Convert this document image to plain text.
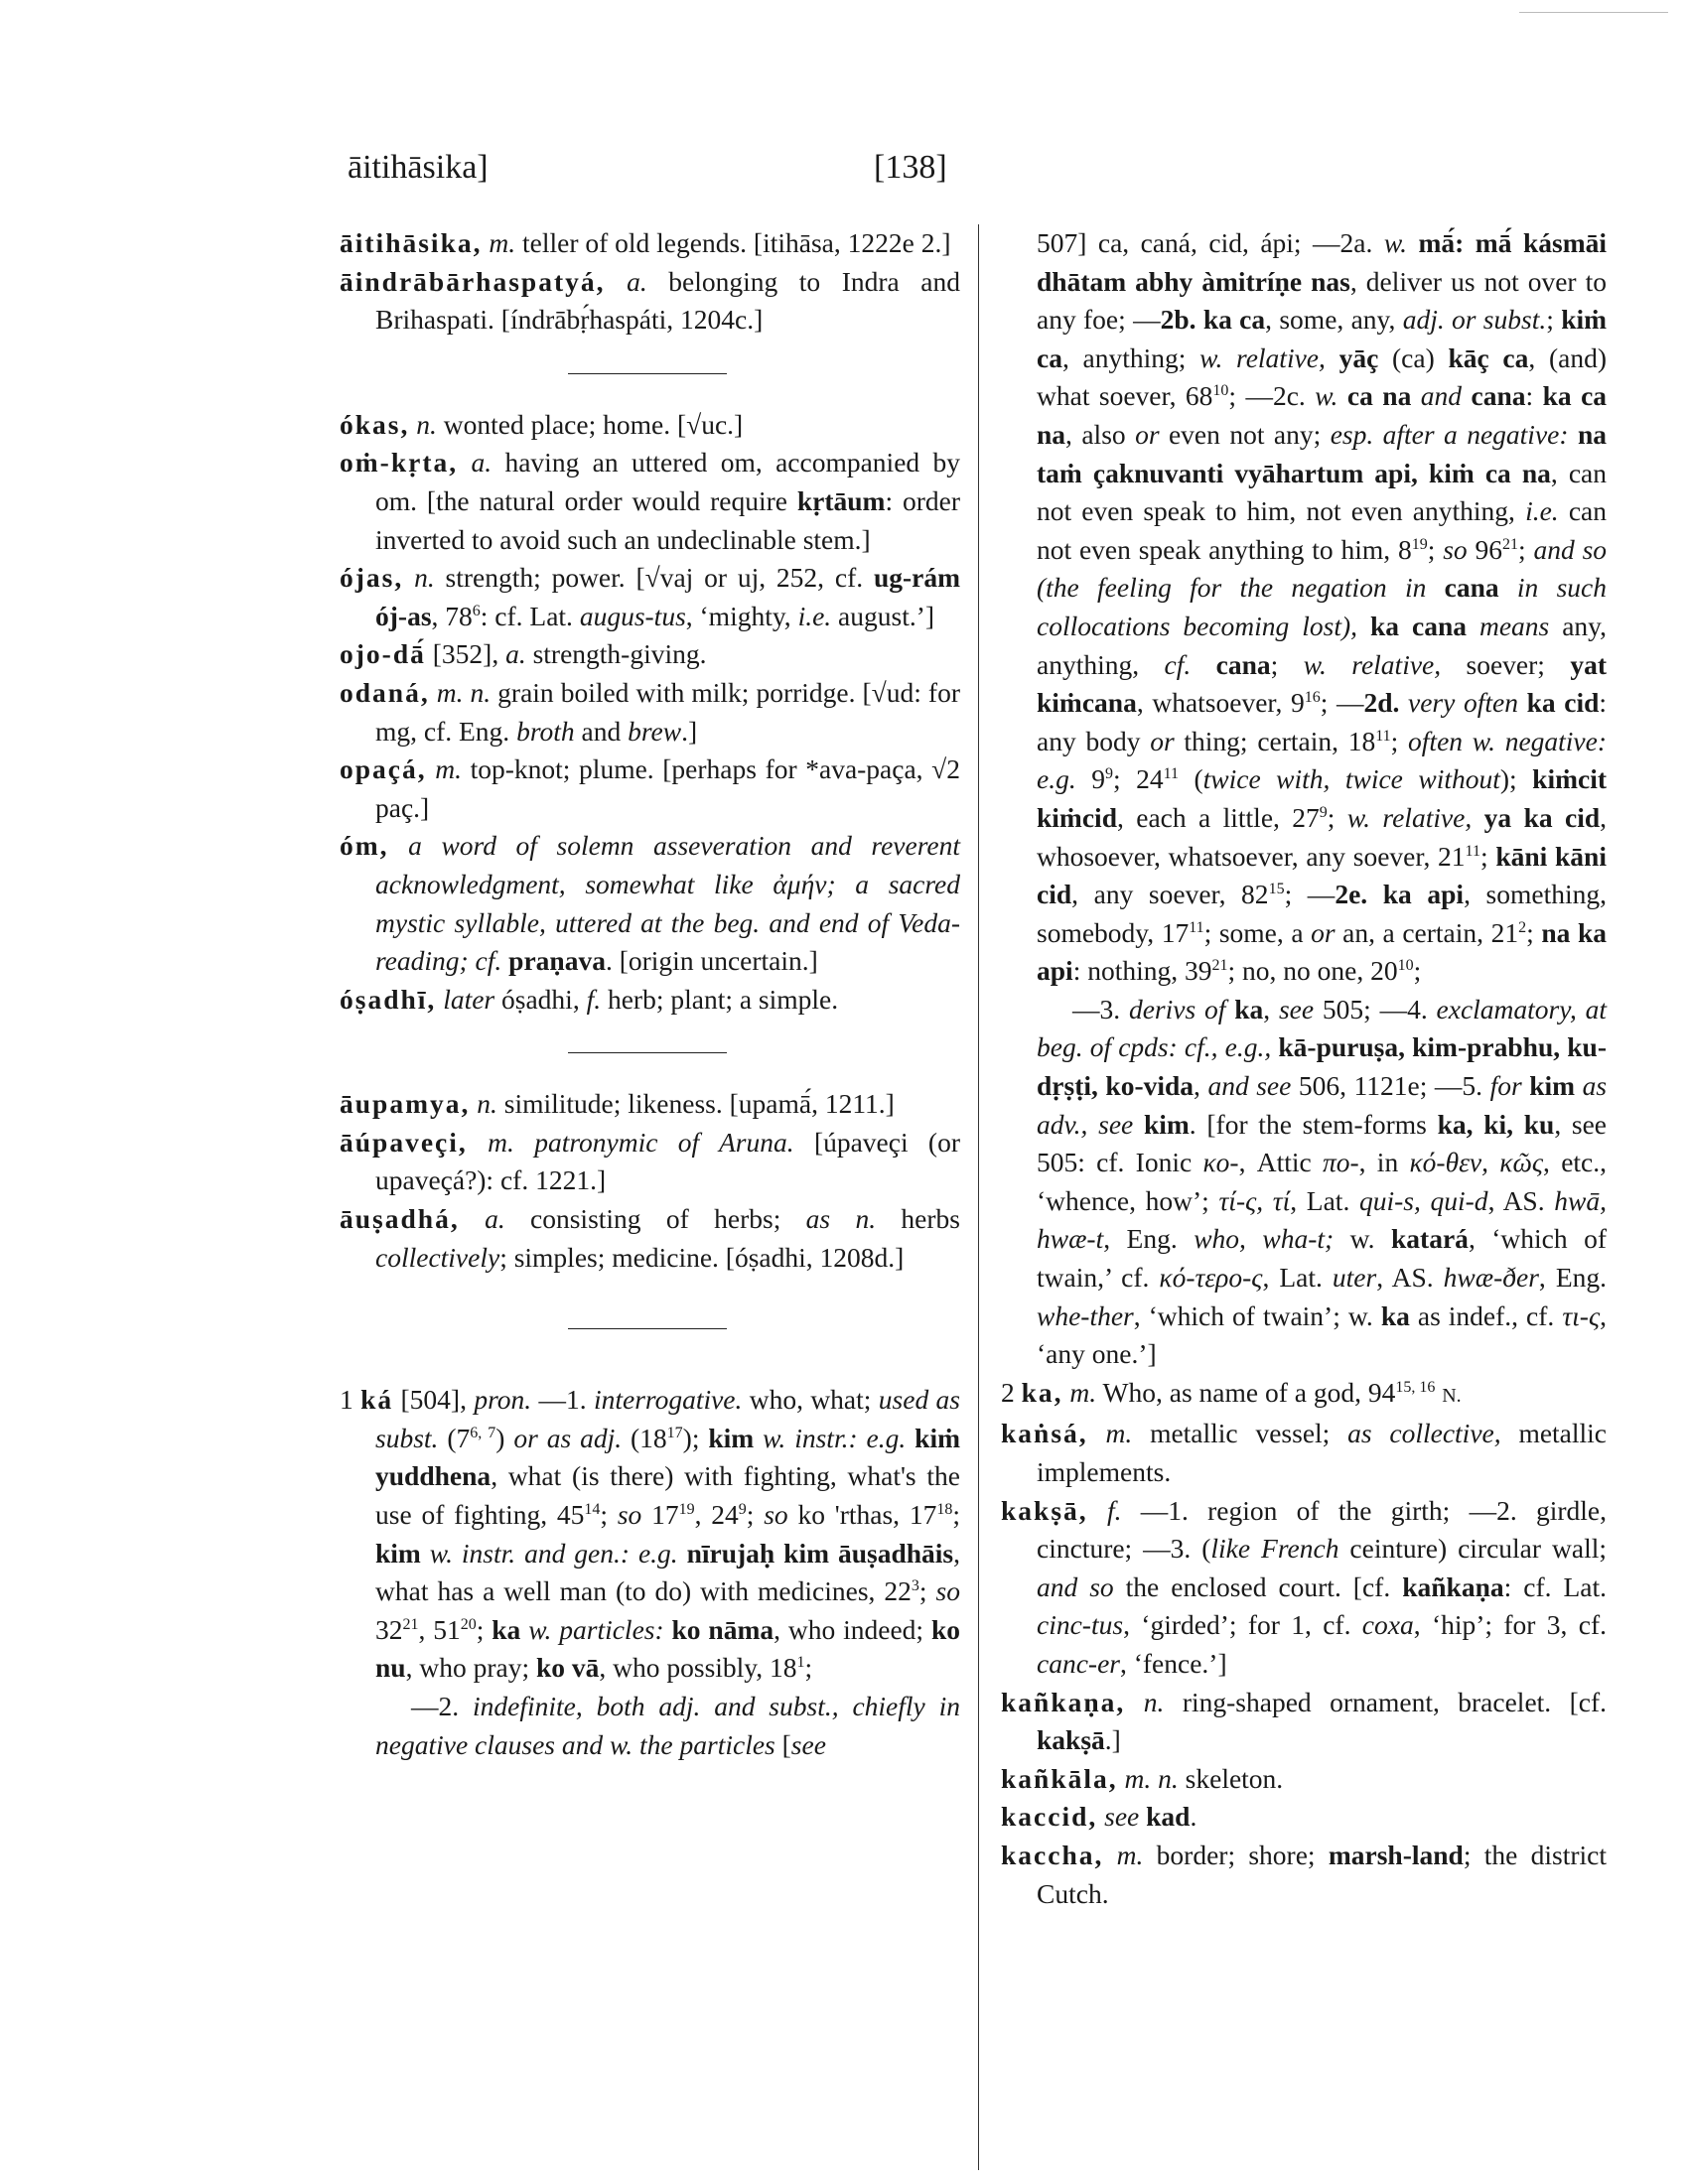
āitihāsika]	[138]

āitihāsika, m. teller of old legends. [itihāsa, 1222e 2.]

āindrābārhaspatyá, a. belonging to Indra and Brihaspati. [índrābṛ́haspáti, 1204c.]

ókas, n. wonted place; home. [√uc.]

oṁ-kṛta, a. having an uttered om, accompanied by om. [the natural order would require kṛtāum: order inverted to avoid such an undeclinable stem.]

ójas, n. strength; power. [√vaj or uj, 252, cf. ug-rám ój-as, $78^6$: cf. Lat. augus-tus, ‘mighty, i.e. august.’]

ojo-dā́ [352], a. strength-giving.

odaná, m. n. grain boiled with milk; porridge. [√ud: for mg, cf. Eng. broth and brew.]

opaçá, m. top-knot; plume. [perhaps for *ava-paça, √2 paç.]

óm, a word of solemn asseveration and reverent acknowledgment, somewhat like ἀμήν; a sacred mystic syllable, uttered at the beg. and end of Veda-reading; cf. praṇava. [origin uncertain.]

óṣadhī, later óṣadhi, f. herb; plant; a simple.

āupamya, n. similitude; likeness. [upamā́, 1211.]

āúpaveçi, m. patronymic of Aruna. [úpaveçi (or upaveçá?): cf. 1221.]

āuṣadhá, a. consisting of herbs; as n. herbs collectively; simples; medicine. [óṣadhi, 1208d.]

1 ká [504], pron. —1. interrogative. who, what; used as subst. (7$^{6, 7}$) or as adj. $(18^{17})$; kim w. instr.: e.g. kiṁ yuddhena, what (is there) with fighting, what's the use of fighting, $45^{14}$; so $17^{19}$, $24^9$; so ko 'rthas, $17^{18}$; kim w. instr. and gen.: e.g. nīrujaḥ kim āuṣadhāis, what has a well man (to do) with medicines, $22^3$; so $32^{21}$, $51^{20}$; ka w. particles: ko nāma, who indeed; ko nu, who pray; ko vā, who possibly, $18^1$;

—2. indefinite, both adj. and subst., chiefly in negative clauses and w. the particles [see

507] ca, caná, cid, ápi; —2a. w. mā́: mā́ kásmāi dhātam abhy àmitríṇe nas, deliver us not over to any foe; —2b. ka ca, some, any, adj. or subst.; kiṁ ca, anything; w. relative, yāç (ca) kāç ca, (and) what soever, $68^{10}$; —2c. w. ca na and cana: ka ca na, also or even not any; esp. after a negative: na taṁ çaknuvanti vyāhartum api, kiṁ ca na, can not even speak to him, not even anything, i.e. can not even speak anything to him, $8^{19}$; so $96^{21}$; and so (the feeling for the negation in cana in such collocations becoming lost), ka cana means any, anything, cf. cana; w. relative, soever; yat kiṁcana, whatsoever, $9^{16}$; —2d. very often ka cid: any body or thing; certain, $18^{11}$; often w. negative: e.g. $9^9$; $24^{11}$ (twice with, twice without); kiṁcit kiṁcid, each a little, $27^9$; w. relative, ya ka cid, whosoever, whatsoever, any soever, $21^{11}$; kāni kāni cid, any soever, $82^{15}$; —2e. ka api, something, somebody, $17^{11}$; some, a or an, a certain, $21^2$; na ka api: nothing, $39^{21}$; no, no one, $20^{10}$;

—3. derivs of ka, see 505; —4. exclamatory, at beg. of cpds: cf., e.g., kā-puruṣa, kim-prabhu, ku-dṛṣṭi, ko-vida, and see 506, 1121e; —5. for kim as adv., see kim. [for the stem-forms ka, ki, ku, see 505: cf. Ionic κο-, Attic πο-, in κό-θεν, κῶς, etc., ‘whence, how’; τί-ς, τί, Lat. qui-s, qui-d, AS. hwā, hwæ-t, Eng. who, wha-t; w. katará, ‘which of twain,’ cf. κό-τερο-ς, Lat. uter, AS. hwæ-ðer, Eng. whe-ther, ‘which of twain’; w. ka as indef., cf. τι-ς, ‘any one.’]

2 ka, m. Who, as name of a god, 94$^{15, 16}$ N.

kaṅsá, m. metallic vessel; as collective, metallic implements.

kakṣā, f. —1. region of the girth; —2. girdle, cincture; —3. (like French ceinture) circular wall; and so the enclosed court. [cf. kañkaṇa: cf. Lat. cinc-tus, ‘girded’; for 1, cf. coxa, ‘hip’; for 3, cf. canc-er, ‘fence.’]

kañkaṇa, n. ring-shaped ornament, bracelet. [cf. kakṣā.]

kañkāla, m. n. skeleton.

kaccid, see kad.

kaccha, m. border; shore; marsh-land; the district Cutch.
